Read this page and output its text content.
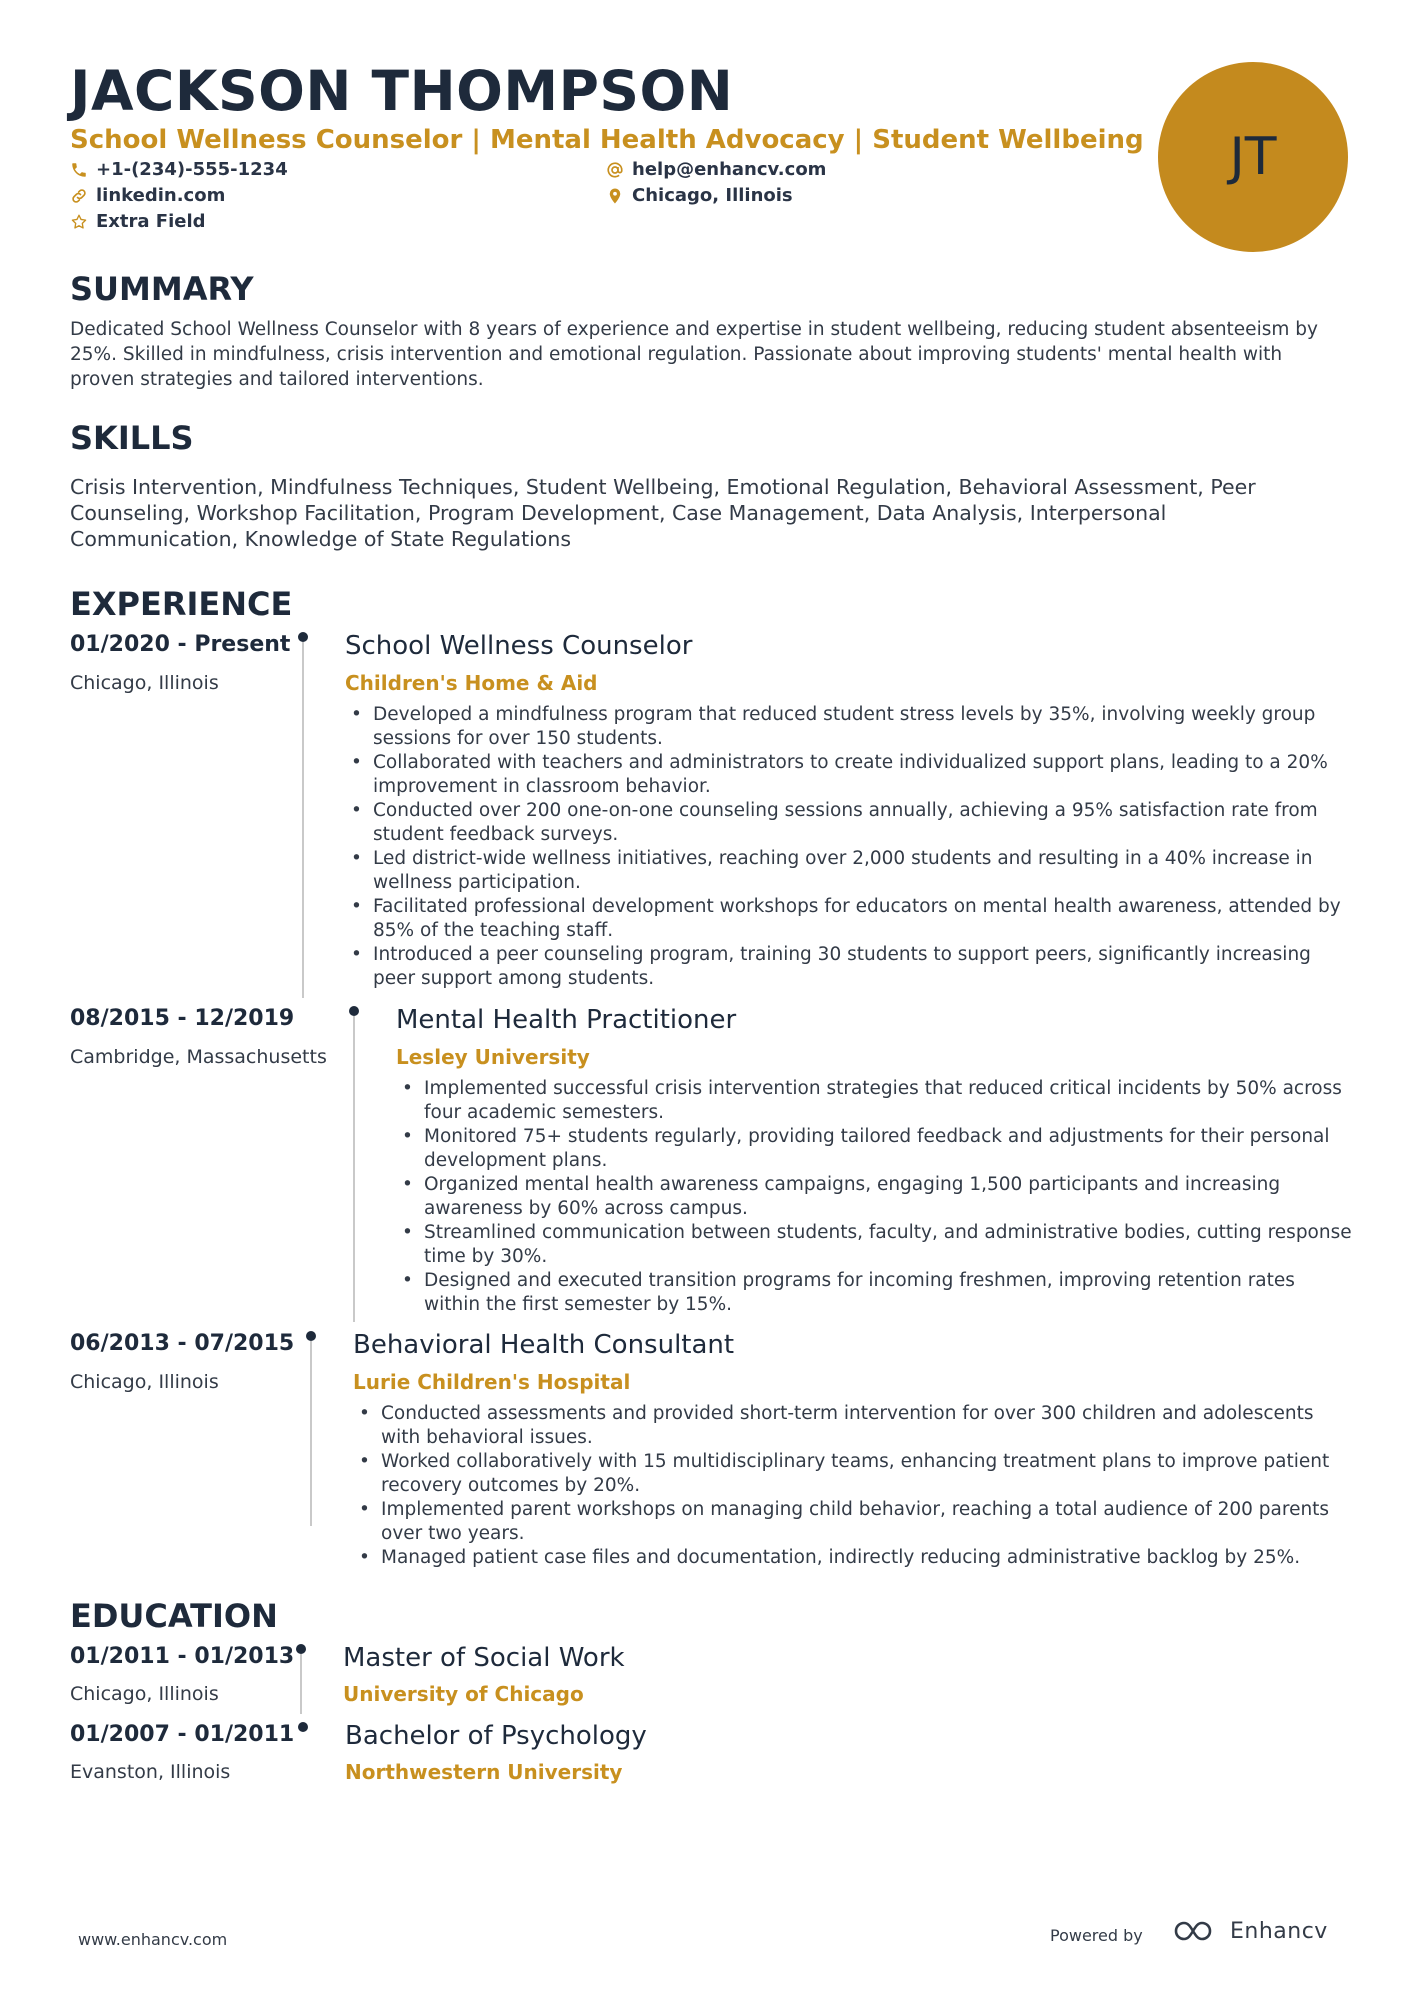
JACKSON THOMPSON
School Wellness Counselor | Mental Health Advocacy | Student Wellbeing
+1-(234)-555-1234	help@enhancv.com
linkedin.com	Chicago, Illinois
Extra Field
JT
SUMMARY
Dedicated School Wellness Counselor with 8 years of experience and expertise in student wellbeing, reducing student absenteeism by 25%. Skilled in mindfulness, crisis intervention and emotional regulation. Passionate about improving students' mental health with proven strategies and tailored interventions.
SKILLS
Crisis Intervention, Mindfulness Techniques, Student Wellbeing, Emotional Regulation, Behavioral Assessment, Peer Counseling, Workshop Facilitation, Program Development, Case Management, Data Analysis, Interpersonal Communication, Knowledge of State Regulations
EXPERIENCE
01/2020 - Present
Chicago, Illinois
School Wellness Counselor
Children's Home & Aid
• Developed a mindfulness program that reduced student stress levels by 35%, involving weekly group sessions for over 150 students.
• Collaborated with teachers and administrators to create individualized support plans, leading to a 20% improvement in classroom behavior.
• Conducted over 200 one-on-one counseling sessions annually, achieving a 95% satisfaction rate from student feedback surveys.
• Led district-wide wellness initiatives, reaching over 2,000 students and resulting in a 40% increase in wellness participation.
• Facilitated professional development workshops for educators on mental health awareness, attended by 85% of the teaching staff.
• Introduced a peer counseling program, training 30 students to support peers, significantly increasing peer support among students.
08/2015 - 12/2019
Cambridge, Massachusetts
Mental Health Practitioner
Lesley University
• Implemented successful crisis intervention strategies that reduced critical incidents by 50% across four academic semesters.
• Monitored 75+ students regularly, providing tailored feedback and adjustments for their personal development plans.
• Organized mental health awareness campaigns, engaging 1,500 participants and increasing awareness by 60% across campus.
• Streamlined communication between students, faculty, and administrative bodies, cutting response time by 30%.
• Designed and executed transition programs for incoming freshmen, improving retention rates within the first semester by 15%.
06/2013 - 07/2015
Chicago, Illinois
Behavioral Health Consultant
Lurie Children's Hospital
• Conducted assessments and provided short-term intervention for over 300 children and adolescents with behavioral issues.
• Worked collaboratively with 15 multidisciplinary teams, enhancing treatment plans to improve patient recovery outcomes by 20%.
• Implemented parent workshops on managing child behavior, reaching a total audience of 200 parents over two years.
• Managed patient case files and documentation, indirectly reducing administrative backlog by 25%.
EDUCATION
01/2011 - 01/2013
Chicago, Illinois
Master of Social Work
University of Chicago
01/2007 - 01/2011
Evanston, Illinois
Bachelor of Psychology
Northwestern University
www.enhancv.com	Powered by	Enhancv
